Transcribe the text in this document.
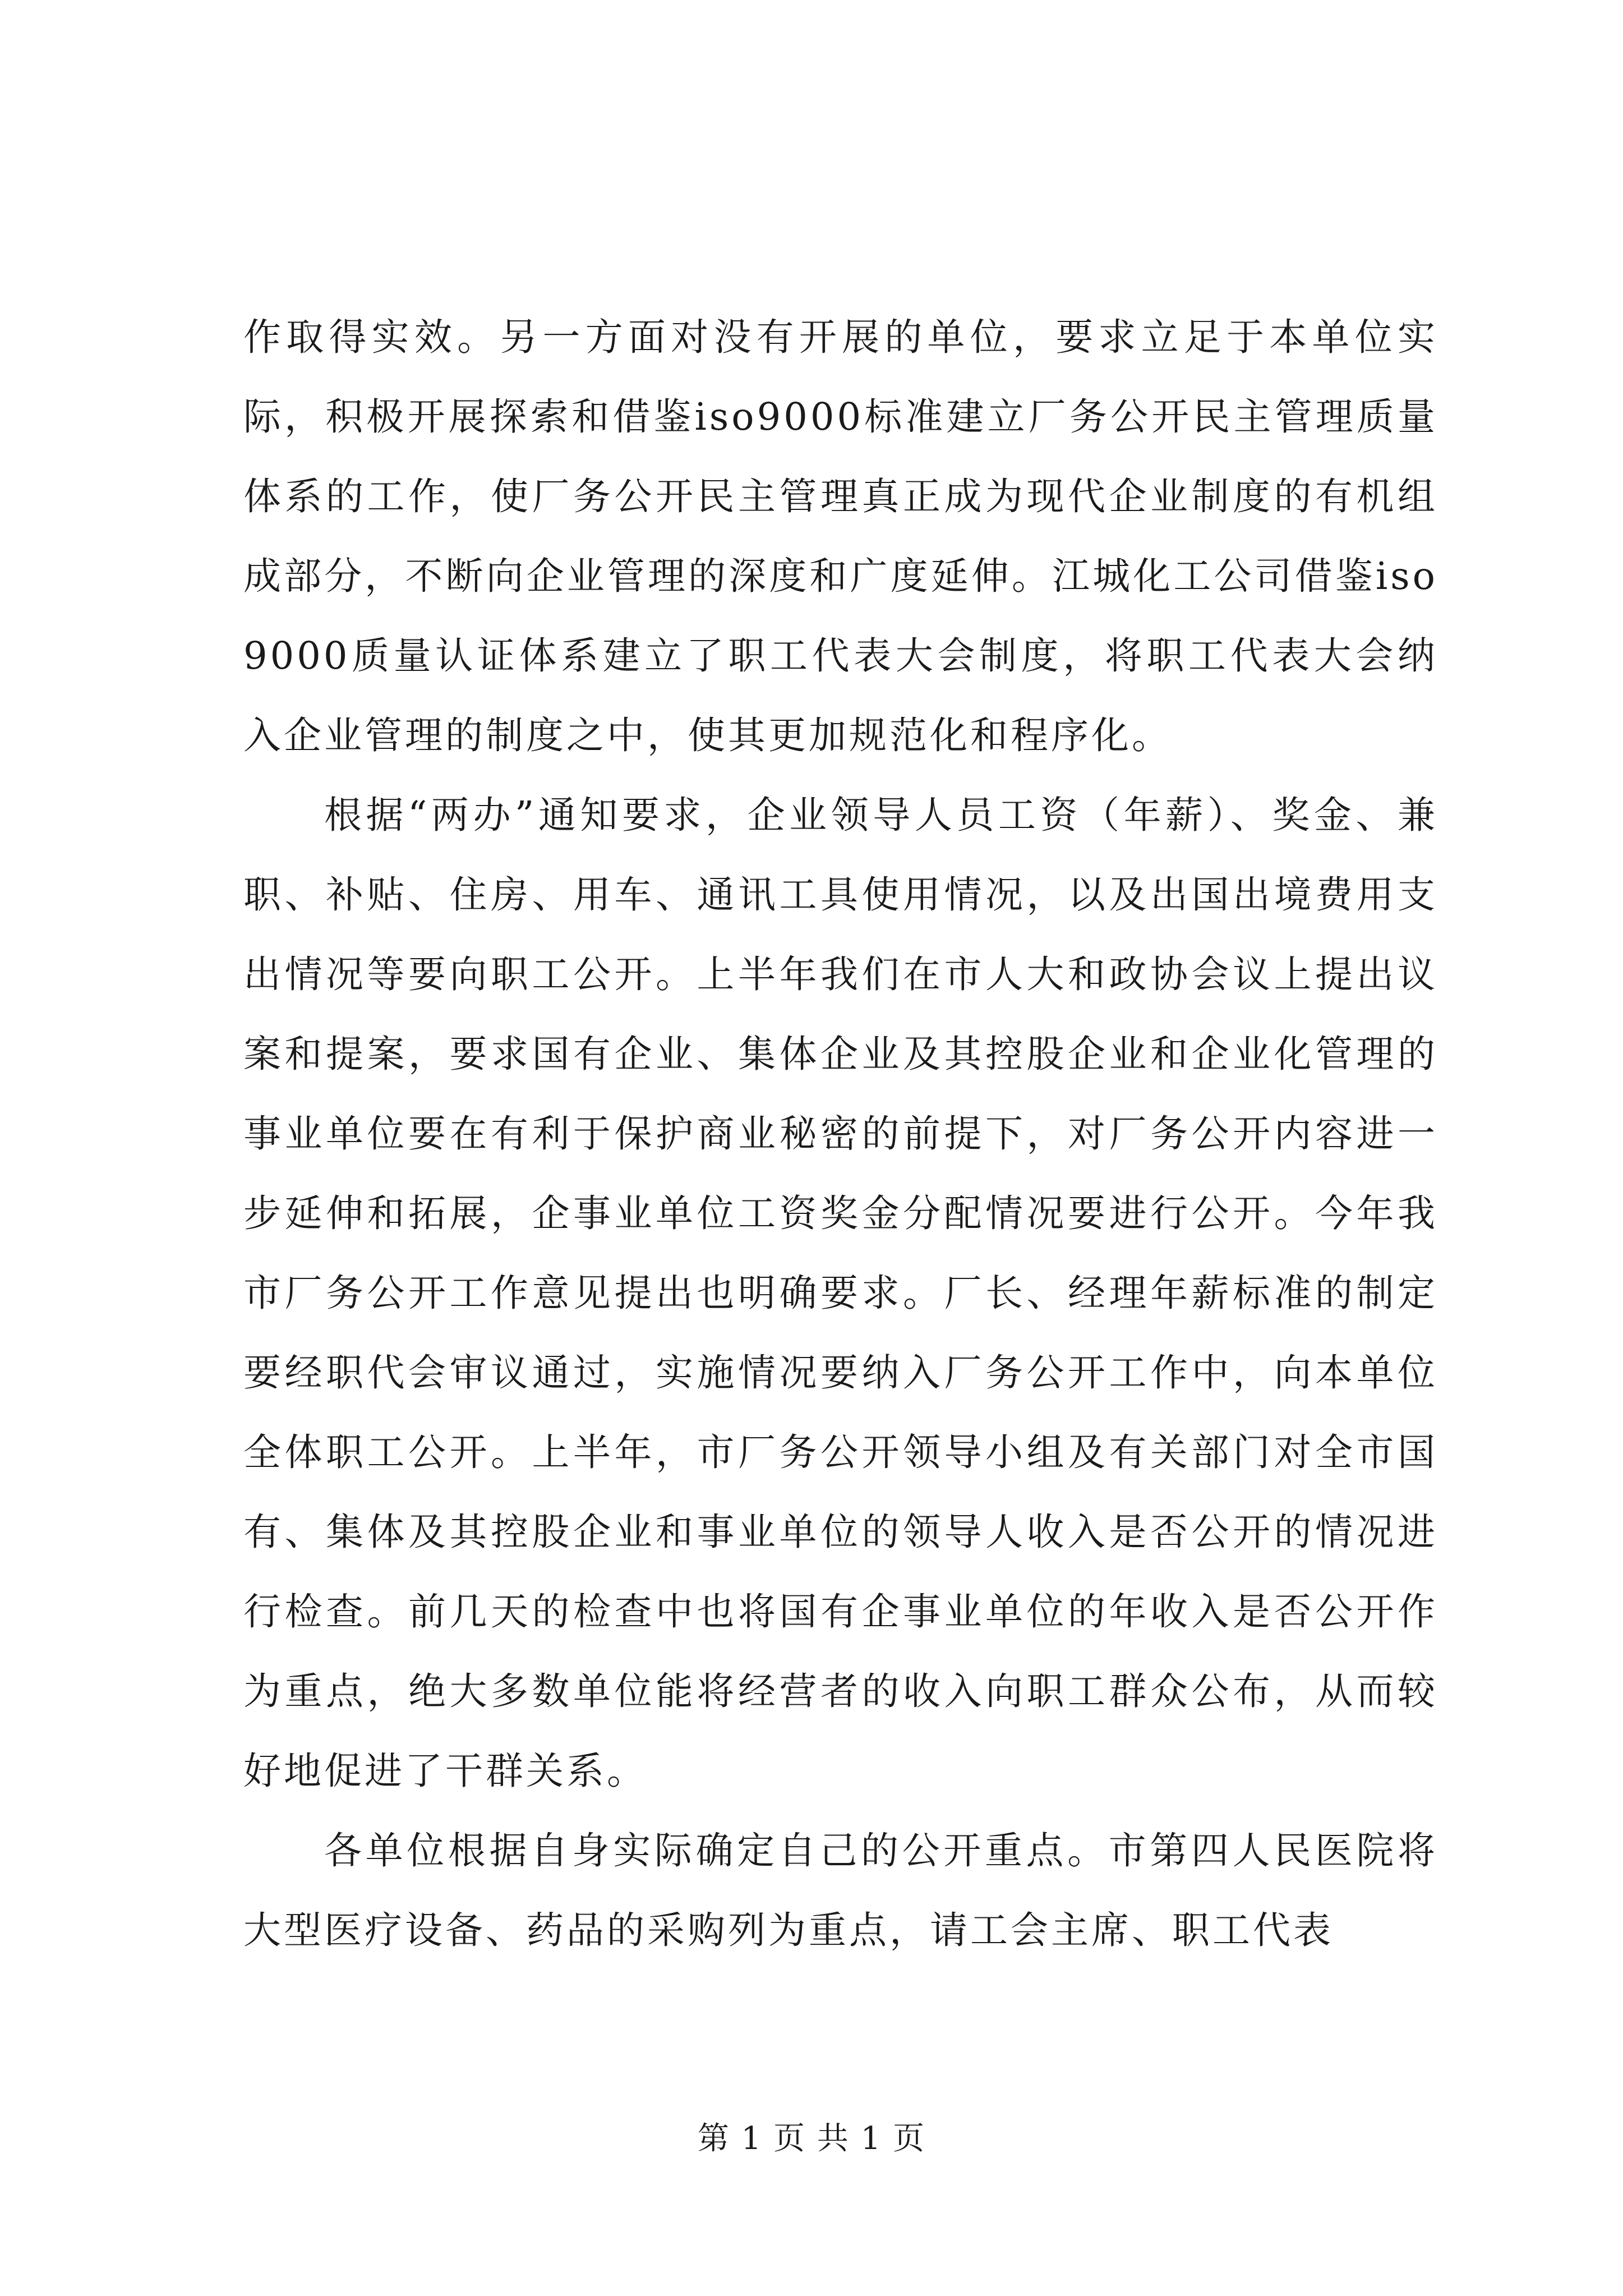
作取得实效。另一方面对没有开展的单位，要求立足于本单位实际，积极开展探索和借鉴iso9000标准建立厂务公开民主管理质量体系的工作，使厂务公开民主管理真正成为现代企业制度的有机组成部分，不断向企业管理的深度和广度延伸。江城化工公司借鉴iso9000质量认证体系建立了职工代表大会制度，将职工代表大会纳入企业管理的制度之中，使其更加规范化和程序化。

根据“两办”通知要求，企业领导人员工资（年薪）、奖金、兼职、补贴、住房、用车、通讯工具使用情况，以及出国出境费用支出情况等要向职工公开。上半年我们在市人大和政协会议上提出议案和提案，要求国有企业、集体企业及其控股企业和企业化管理的事业单位要在有利于保护商业秘密的前提下，对厂务公开内容进一步延伸和拓展，企事业单位工资奖金分配情况要进行公开。今年我市厂务公开工作意见提出也明确要求。厂长、经理年薪标准的制定要经职代会审议通过，实施情况要纳入厂务公开工作中，向本单位全体职工公开。上半年，市厂务公开领导小组及有关部门对全市国有、集体及其控股企业和事业单位的领导人收入是否公开的情况进行检查。前几天的检查中也将国有企事业单位的年收入是否公开作为重点，绝大多数单位能将经营者的收入向职工群众公布，从而较好地促进了干群关系。

各单位根据自身实际确定自己的公开重点。市第四人民医院将大型医疗设备、药品的采购列为重点，请工会主席、职工代表

第 1 页 共 1 页
